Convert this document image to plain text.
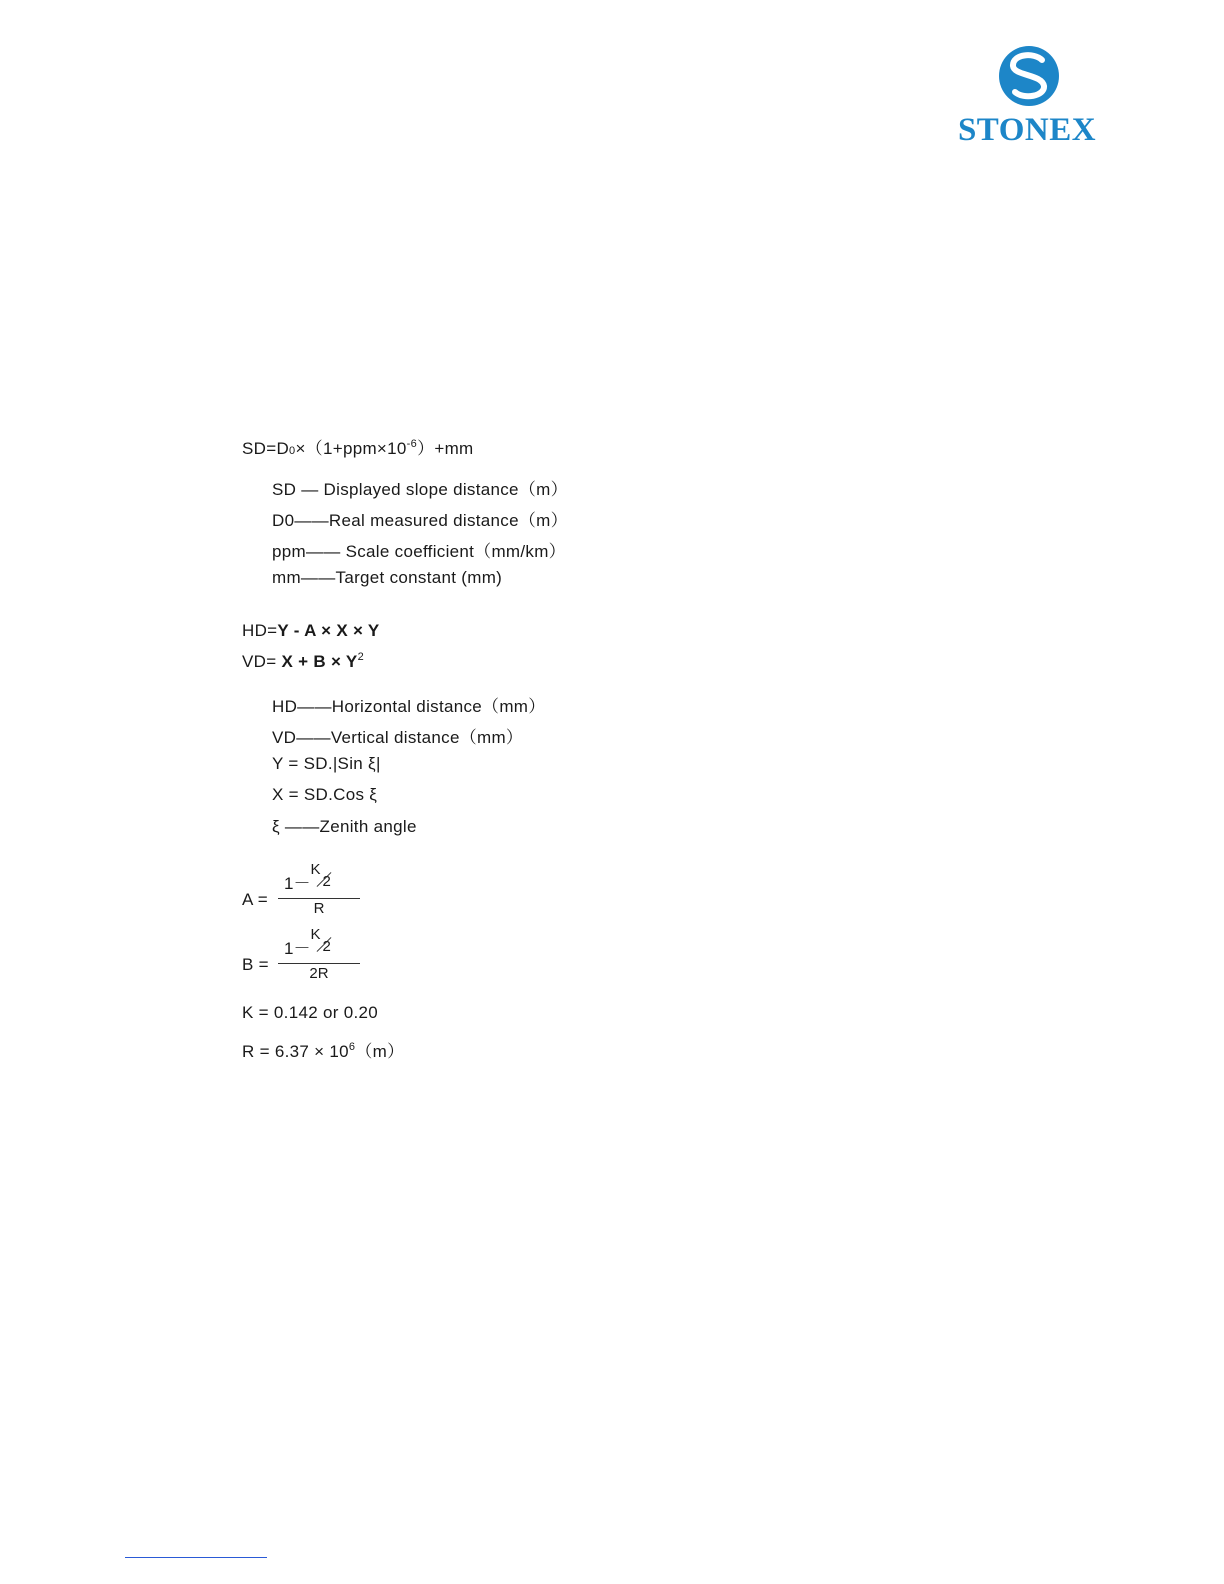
STONEX
$SD=D0\times(1+ppm\times 10^{-6})+mm$
SD — Displayed slope distance（m）
D0——Real measured distance（m）
ppm—— Scale coefficient（mm/km）
mm——Target constant (mm)
HD=Y - A × X × Y
$VD= X + B \times Y^2$
HD——Horizontal distance（mm）
VD——Vertical distance（mm）
Y = SD.|Sin ξ|
X = SD.Cos ξ
ξ ——Zenith angle
A =
1－
K
2
R
B =
1－
K
2
2R
K = 0.142 or 0.20
$R = 6.37 \times 10^6(m)$
